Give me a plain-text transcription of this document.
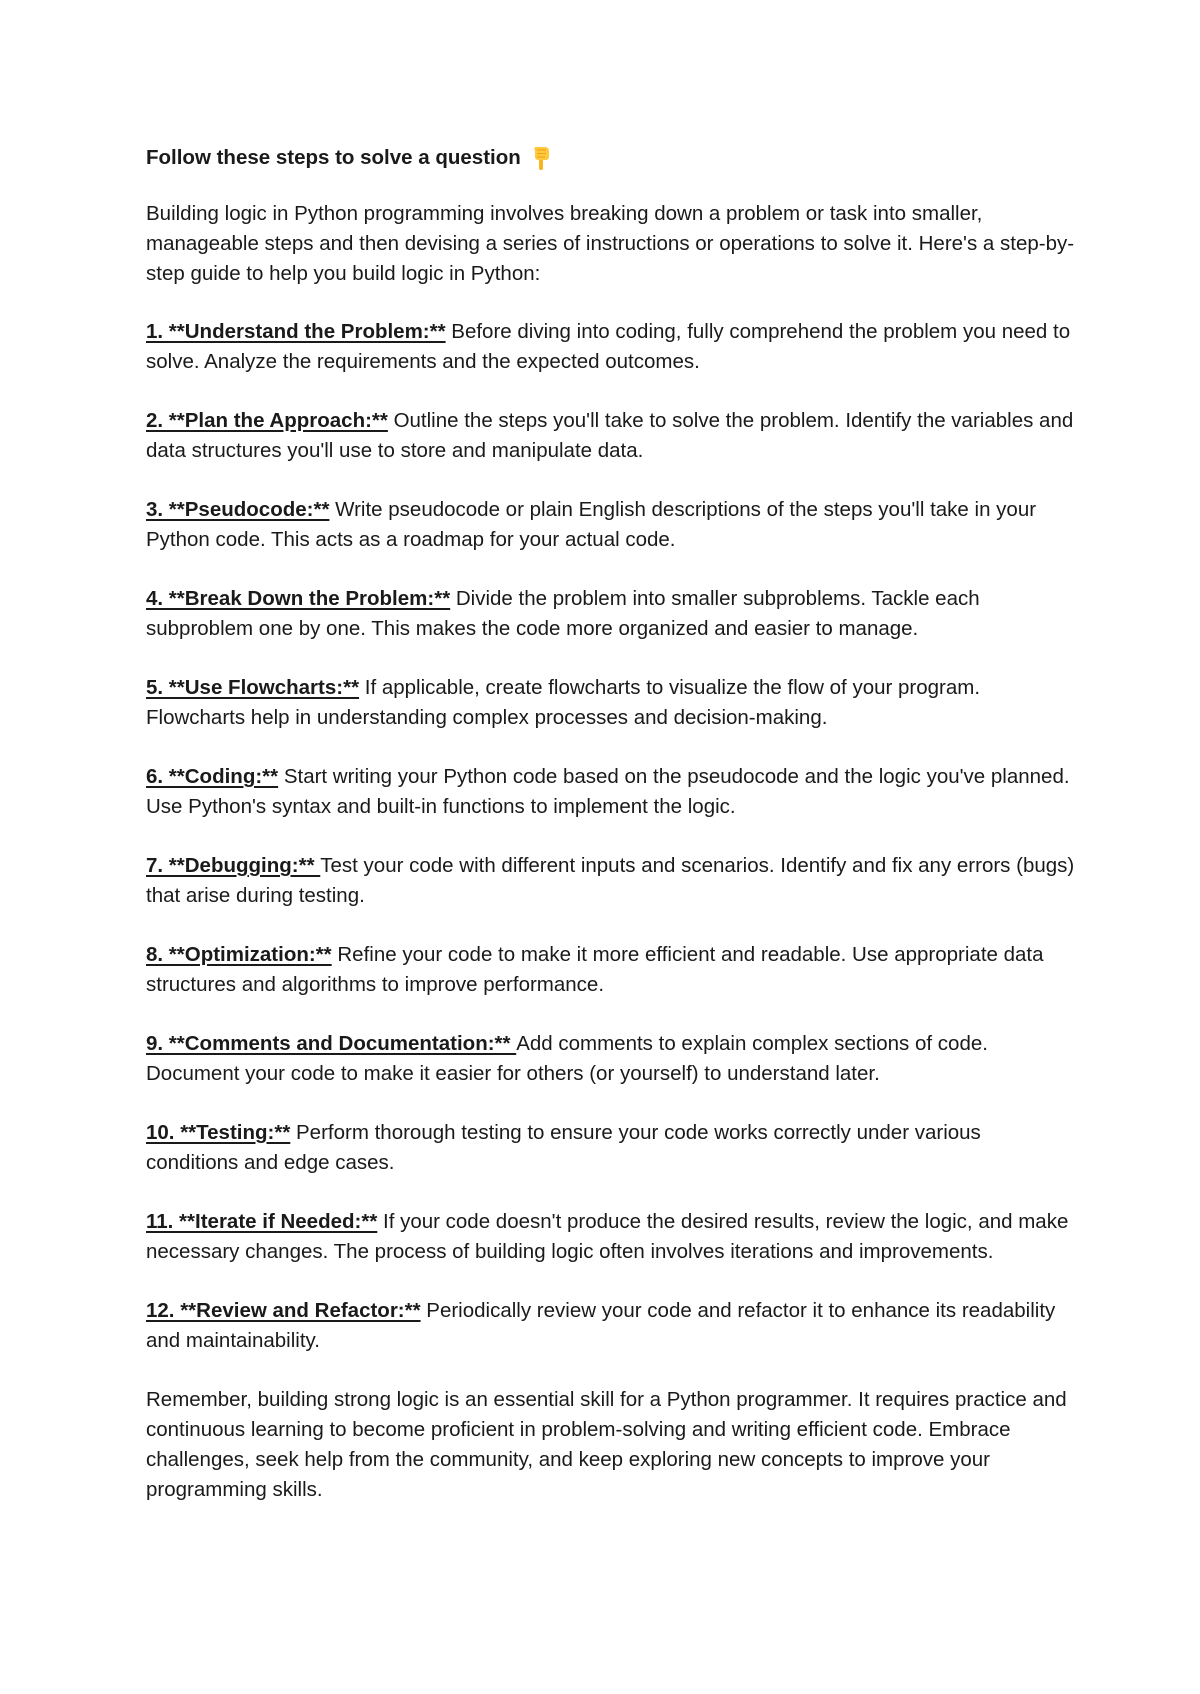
Follow these steps to solve a question

Building logic in Python programming involves breaking down a problem or task into smaller, manageable steps and then devising a series of instructions or operations to solve it. Here's a step-by-step guide to help you build logic in Python:

1. **Understand the Problem:** Before diving into coding, fully comprehend the problem you need to solve. Analyze the requirements and the expected outcomes.

2. **Plan the Approach:** Outline the steps you'll take to solve the problem. Identify the variables and data structures you'll use to store and manipulate data.

3. **Pseudocode:** Write pseudocode or plain English descriptions of the steps you'll take in your Python code. This acts as a roadmap for your actual code.

4. **Break Down the Problem:** Divide the problem into smaller subproblems. Tackle each subproblem one by one. This makes the code more organized and easier to manage.

5. **Use Flowcharts:** If applicable, create flowcharts to visualize the flow of your program. Flowcharts help in understanding complex processes and decision-making.

6. **Coding:** Start writing your Python code based on the pseudocode and the logic you've planned. Use Python's syntax and built-in functions to implement the logic.

7. **Debugging:** Test your code with different inputs and scenarios. Identify and fix any errors (bugs) that arise during testing.

8. **Optimization:** Refine your code to make it more efficient and readable. Use appropriate data structures and algorithms to improve performance.

9. **Comments and Documentation:** Add comments to explain complex sections of code. Document your code to make it easier for others (or yourself) to understand later.

10. **Testing:** Perform thorough testing to ensure your code works correctly under various conditions and edge cases.

11. **Iterate if Needed:** If your code doesn't produce the desired results, review the logic, and make necessary changes. The process of building logic often involves iterations and improvements.

12. **Review and Refactor:** Periodically review your code and refactor it to enhance its readability and maintainability.

Remember, building strong logic is an essential skill for a Python programmer. It requires practice and continuous learning to become proficient in problem-solving and writing efficient code. Embrace challenges, seek help from the community, and keep exploring new concepts to improve your programming skills.
